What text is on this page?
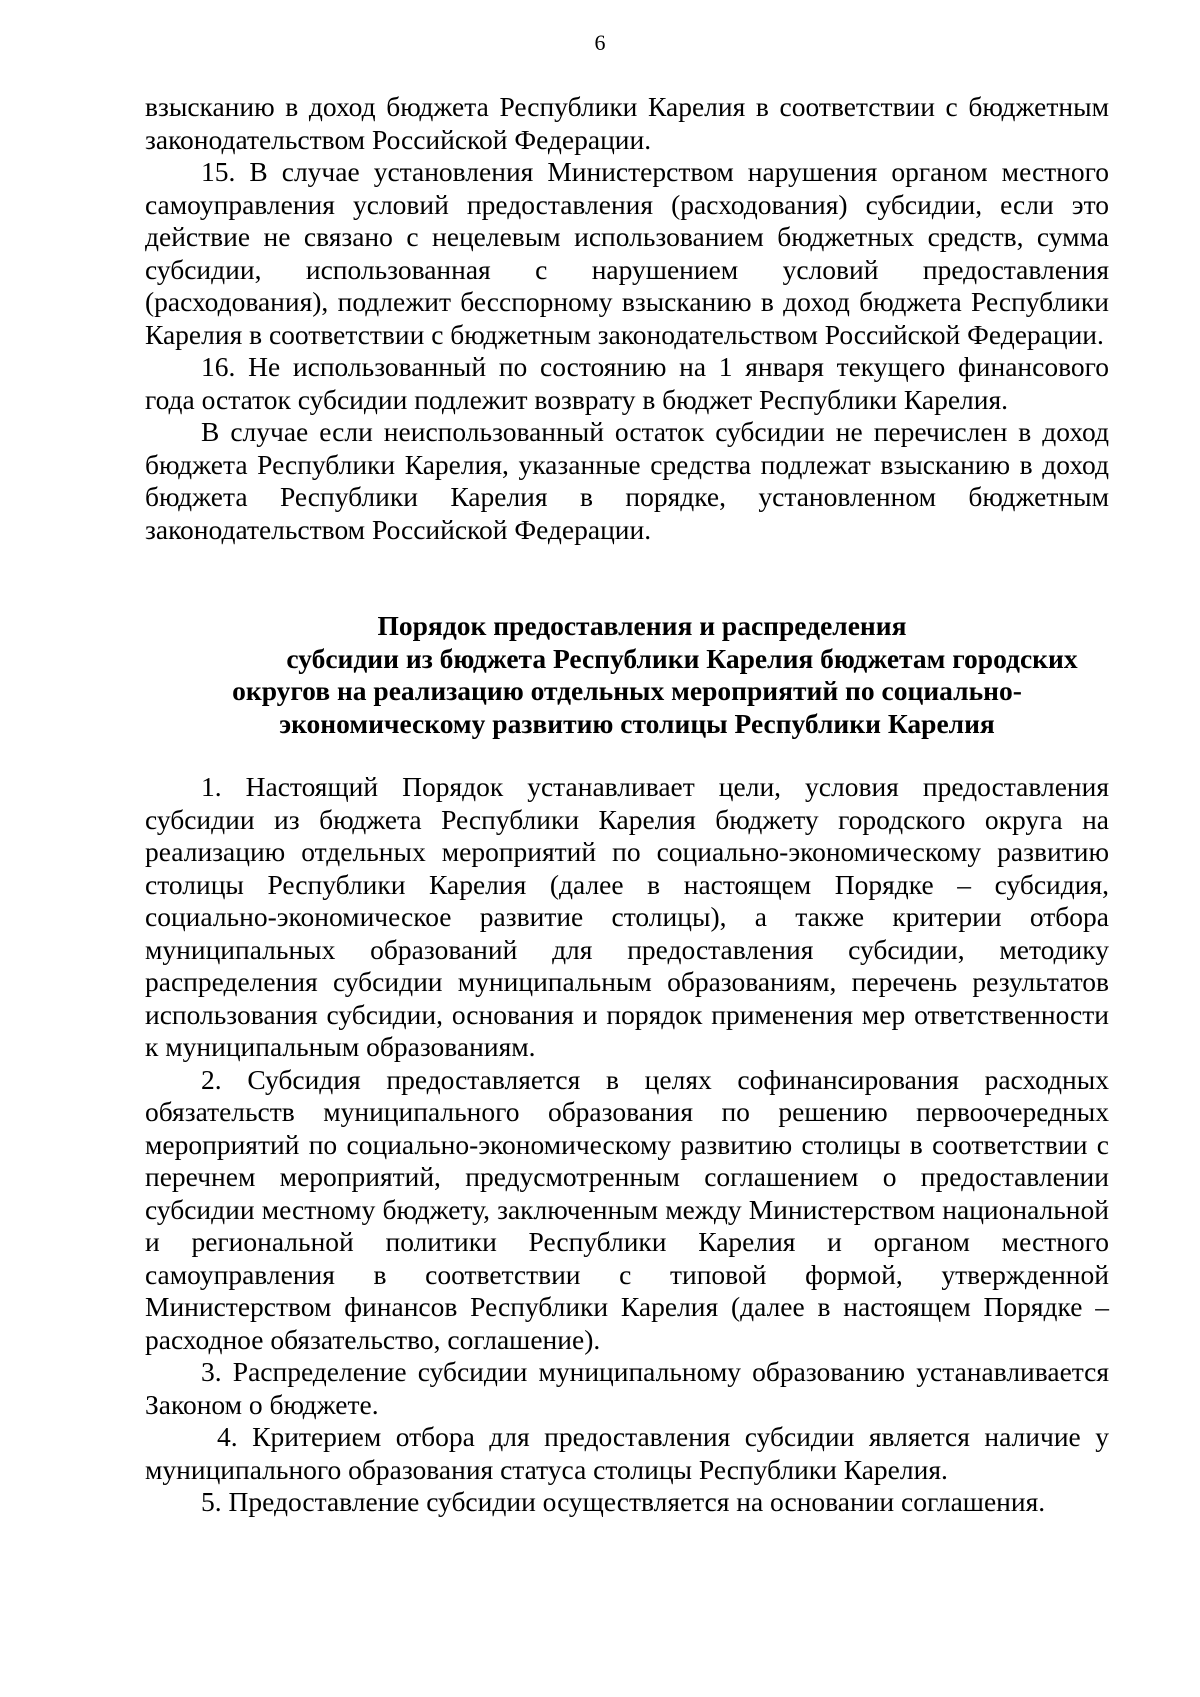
6

взысканию в доход бюджета Республики Карелия в соответствии с бюджетным законодательством Российской Федерации.

15. В случае установления Министерством нарушения органом местного самоуправления условий предоставления (расходования) субсидии, если это действие не связано с нецелевым использованием бюджетных средств, сумма субсидии, использованная с нарушением условий предоставления (расходования), подлежит бесспорному взысканию в доход бюджета Республики Карелия в соответствии с бюджетным законодательством Российской Федерации.

16. Не использованный по состоянию на 1 января текущего финансового года остаток субсидии подлежит возврату в бюджет Республики Карелия.

В случае если неиспользованный остаток субсидии не перечислен в доход бюджета Республики Карелия, указанные средства подлежат взысканию в доход бюджета Республики Карелия в порядке, установленном бюджетным законодательством Российской Федерации.

Порядок предоставления и распределения
субсидии из бюджета Республики Карелия бюджетам городских
округов на реализацию отдельных мероприятий по социально-
экономическому развитию столицы Республики Карелия

1. Настоящий Порядок устанавливает цели, условия предоставления субсидии из бюджета Республики Карелия бюджету городского округа на реализацию отдельных мероприятий по социально-экономическому развитию столицы Республики Карелия (далее в настоящем Порядке – субсидия, социально-экономическое развитие столицы), а также критерии отбора муниципальных образований для предоставления субсидии, методику распределения субсидии муниципальным образованиям, перечень результатов использования субсидии, основания и порядок применения мер ответственности к муниципальным образованиям.

2. Субсидия предоставляется в целях софинансирования расходных обязательств муниципального образования по решению первоочередных мероприятий по социально-экономическому развитию столицы в соответствии с перечнем мероприятий, предусмотренным соглашением о предоставлении субсидии местному бюджету, заключенным между Министерством национальной и региональной политики Республики Карелия и органом местного самоуправления в соответствии с типовой формой, утвержденной Министерством финансов Республики Карелия (далее в настоящем Порядке – расходное обязательство, соглашение).

3. Распределение субсидии муниципальному образованию устанавливается Законом о бюджете.

4. Критерием отбора для предоставления субсидии является наличие у муниципального образования статуса столицы Республики Карелия.

5. Предоставление субсидии осуществляется на основании соглашения.
